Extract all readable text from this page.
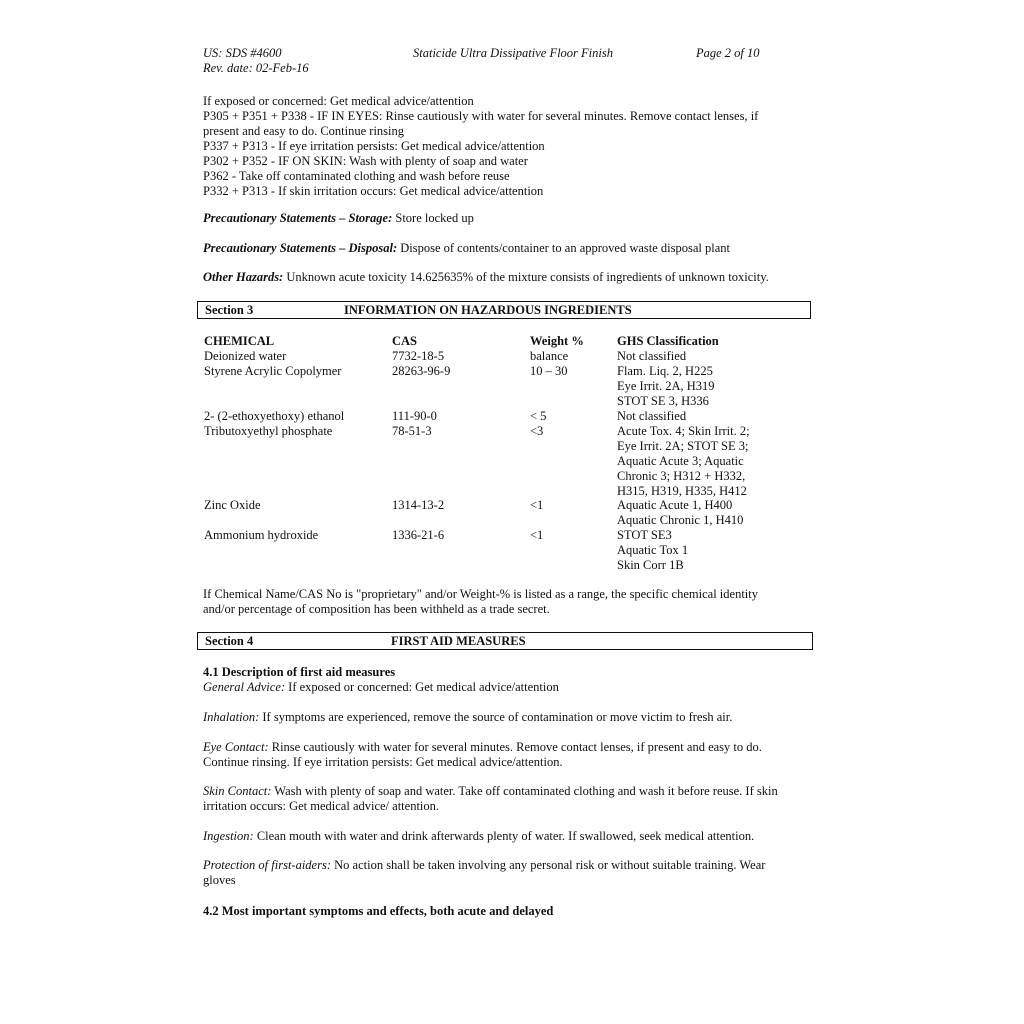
US: SDS #4600
Rev. date: 02-Feb-16
Staticide Ultra Dissipative Floor Finish	Page 2 of 10
If exposed or concerned: Get medical advice/attention
P305 + P351 + P338 - IF IN EYES: Rinse cautiously with water for several minutes. Remove contact lenses, if
present and easy to do. Continue rinsing
P337 + P313 - If eye irritation persists: Get medical advice/attention
P302 + P352 - IF ON SKIN: Wash with plenty of soap and water
P362 - Take off contaminated clothing and wash before reuse
P332 + P313 - If skin irritation occurs: Get medical advice/attention
Precautionary Statements – Storage: Store locked up
Precautionary Statements – Disposal: Dispose of contents/container to an approved waste disposal plant
Other Hazards: Unknown acute toxicity 14.625635% of the mixture consists of ingredients of unknown toxicity.
Section 3	INFORMATION ON HAZARDOUS INGREDIENTS
CHEMICAL	CAS	Weight %	GHS Classification
Deionized water	7732-18-5	balance	Not classified
Styrene Acrylic Copolymer	28263-96-9	10 – 30	Flam. Liq. 2, H225
Eye Irrit. 2A, H319
STOT SE 3, H336
2- (2-ethoxyethoxy) ethanol	111-90-0	< 5	Not classified
Tributoxyethyl phosphate	78-51-3	<3	Acute Tox. 4; Skin Irrit. 2;
Eye Irrit. 2A; STOT SE 3;
Aquatic Acute 3; Aquatic
Chronic 3; H312 + H332,
H315, H319, H335, H412
Zinc Oxide	1314-13-2	<1	Aquatic Acute 1, H400
Aquatic Chronic 1, H410
Ammonium hydroxide	1336-21-6	<1	STOT SE3
Aquatic Tox 1
Skin Corr 1B
If Chemical Name/CAS No is "proprietary" and/or Weight-% is listed as a range, the specific chemical identity
and/or percentage of composition has been withheld as a trade secret.
Section 4	FIRST AID MEASURES
4.1 Description of first aid measures
General Advice: If exposed or concerned: Get medical advice/attention
Inhalation: If symptoms are experienced, remove the source of contamination or move victim to fresh air.
Eye Contact: Rinse cautiously with water for several minutes. Remove contact lenses, if present and easy to do.
Continue rinsing. If eye irritation persists: Get medical advice/attention.
Skin Contact: Wash with plenty of soap and water. Take off contaminated clothing and wash it before reuse. If skin
irritation occurs: Get medical advice/ attention.
Ingestion: Clean mouth with water and drink afterwards plenty of water. If swallowed, seek medical attention.
Protection of first-aiders: No action shall be taken involving any personal risk or without suitable training. Wear
gloves
4.2 Most important symptoms and effects, both acute and delayed
